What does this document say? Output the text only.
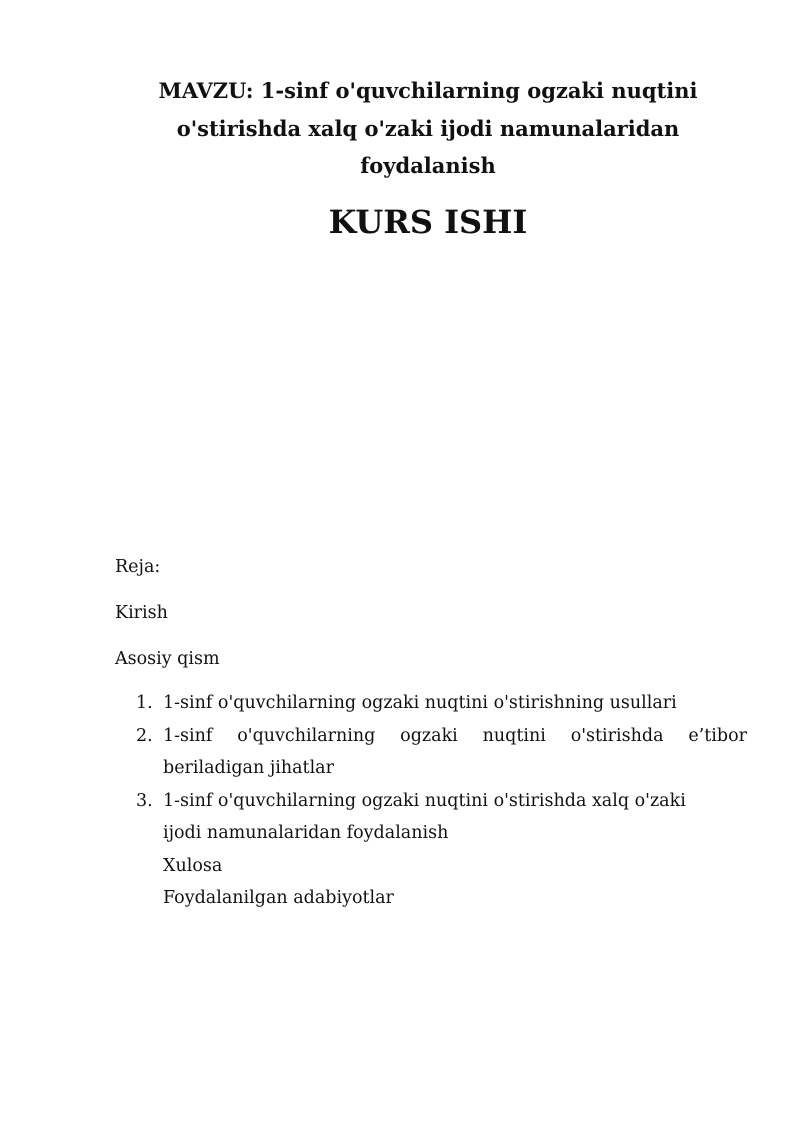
MAVZU: 1-sinf o'quvchilarning ogzaki nuqtini
o'stirishda xalq o'zaki ijodi namunalaridan
foydalanish
KURS ISHI
Reja:
Kirish
Asosiy qism
1. 1-sinf o'quvchilarning ogzaki nuqtini o'stirishning usullari
2. 1-sinf o'quvchilarning ogzaki nuqtini o'stirishda e’tibor beriladigan jihatlar
3. 1-sinf o'quvchilarning ogzaki nuqtini o'stirishda xalq o'zaki ijodi namunalaridan foydalanish
Xulosa
Foydalanilgan adabiyotlar
